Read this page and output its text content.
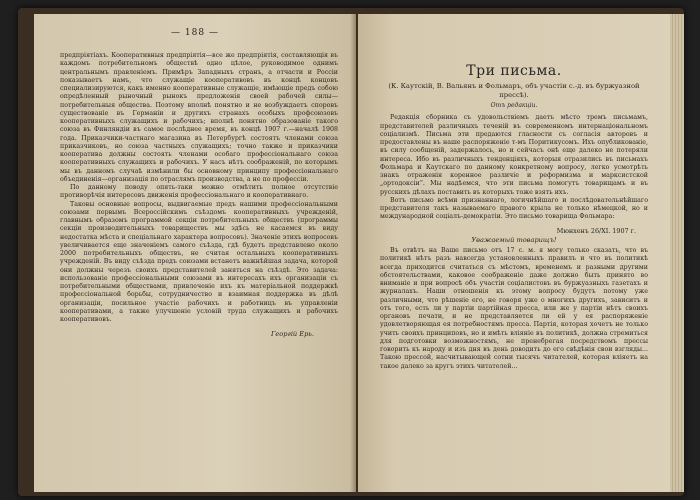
— 188 —

предпріятіахъ. Кооперативныя предпріятія—все же предпріятія, составляющія въ каждомъ потребительномъ обществѣ одно цѣлое, руководимое однимъ центральнымъ правленіемъ. Примѣръ Западныхъ странъ, а отчасти и Россіи показываетъ намъ, что служащіе кооперативовъ въ концѣ концовъ специализируются, какъ именно кооперативные служащіе, имѣющіе предъ собою опредѣленный рыночный рынокъ предложенія своей рабочей силы—потребительныя общества. Поэтому вполнѣ понятно и не возбуждаетъ споровъ существованіе въ Германіи и другихъ странахъ особыхъ профсоюзовъ кооперативныхъ служащихъ и рабочихъ; вполнѣ понятно образованіе такого союза въ Финляндіи въ самое послѣднее время, въ концѣ 1907 г.—началѣ 1908 года. Приказчики-частнаго магазина въ Петербургѣ состоятъ членами союза приказчиковъ, но союза частныхъ служащихъ; точно также и приказчики кооператива должны состоять членами особаго профессіональнаго союза кооперативныхъ служащихъ и рабочихъ. У насъ нѣтъ соображеній, по которымъ мы въ данномъ случаѣ измѣнили бы основному принципу профессіональнаго объединенія—организація по отраслямъ производства, а не по профессіи.

По данному поводу опять-таки можно отмѣтить полное отсутствіе противорѣчія интересовъ движенія профессіональнаго и кооперативнаго.

Таковы основные вопросы, выдвигаемые предъ нашими профессіональными союзами первымъ Всероссійскимъ съѣздомъ кооперативныхъ учрежденій, главнымъ образомъ программой секціи потребительныхъ обществъ (программы секціи производительныхъ товариществъ мы здѣсь не касаемся въ виду недостатка мѣста и спеціальнаго характера вопросовъ). Значеніе этихъ вопросовъ увеличивается еще значеніемъ самого съѣзда, гдѣ будетъ представлено около 2000 потребительныхъ обществъ, не считая остальныхъ кооперативныхъ учрежденій. Въ виду съѣзда предъ союзами встанетъ важнѣйшая задача, которой они должны черезъ своихъ представителей заняться на съѣздѣ. Это задача: использованіе профессіональными союзами въ интересахъ ихъ организаціи съ потребительными обществами, привлеченіе ихъ къ матеріальной поддержкѣ профессіональной борьбы, сотрудничество и взаимная поддержка въ дѣлѣ организаціи, посильное участіе рабочихъ и работницъ въ управленіи кооперативами, а также улучшеніе условій труда служащихъ и рабочихъ кооперативовъ.

Георгій Ерь.
Три письма.
(К. Каутскій, В. Вальянъ и Фольмаръ, объ участіи с.-д. въ буржуазной прессѣ).
Отъ редакціи.

Редакція сборника съ удовольствіемъ даетъ мѣсто тремъ письмамъ, представителей различныхъ теченій въ современномъ интернаціональномъ соціализмѣ. Письма эти предаются гласности съ согласія авторовъ и предоставлены въ наше распоряженіе т-мъ Поритикусомъ. Ихъ опубликованіе, въ силу сообщеній, задержалось, но и сейчасъ онѣ еще далеко не потеряли интереса. Ибо въ различныхъ тенденціяхъ, которыя отразились въ письмахъ Фольмара и Каутскаго по данному конкретному вопросу, легко усмотрѣть знакъ отраженія коренное различіе и реформизма и марксистской „ортодоксіи“. Мы надѣемся, что эти письма помогутъ товарищамъ и въ русскихъ дѣлахъ поставить въ которыхъ тоже взять ихъ.

Вотъ письмо всѣми признаннаго, логичнѣйшаго и послѣдовательнѣйшаго представителя такъ называемаго правого крыла не только нѣмецкой, но и международной соціалъ-демократіи. Это письмо товарища Фольмара:

Мюнхенъ 26/XI. 1907 г.
Уважаемый товарищъ!

Въ отвѣтъ на Ваше письмо отъ 17 с. м. я могу только сказать, что въ политикѣ нѣтъ разъ навсегда установленныхъ правилъ и что въ политикѣ всегда приходится считаться съ мѣстомъ, временемъ и разными другими обстоятельствами, каковое соображеніе даже должно быть принято во вниманіе и при вопросѣ объ участіи соціалистовъ въ буржуазныхъ газетахъ и журналахъ. Наши отношенія къ этому вопросу будутъ потому уже различными, что рѣшеніе его, не говоря уже о многихъ другихъ, зависитъ и отъ того, есть ли у партіи партійная пресса, или же у партіи нѣтъ своихъ органовъ печати, и не представляется ли ей у ея распоряженіе удовлетворяющая ея потребностямъ пресса. Партія, которая хочетъ не только учить своихъ принциповъ, но и имѣть вліяніе въ политикѣ, должна стремиться для подготовки возможностямъ, не пренебрегая посредствомъ прессы говорить къ народу и изъ дня въ день доводить до его свѣдѣнія свои взгляды... Такою прессой, насчитывающей сотни тысячъ читателей, которая вліяетъ на такое далеко за кругъ этихъ читателей...
